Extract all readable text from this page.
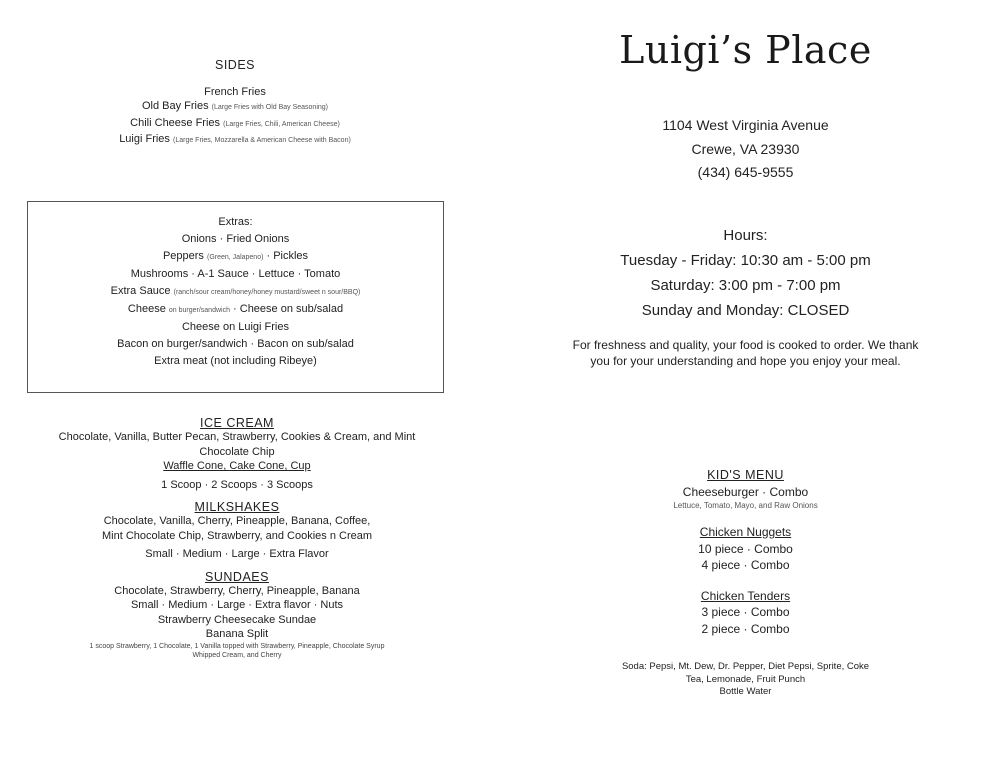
SIDES
French Fries
Old Bay Fries (Large Fries with Old Bay Seasoning)
Chili Cheese Fries (Large Fries, Chili, American Cheese)
Luigi Fries (Large Fries, Mozzarella & American Cheese with Bacon)
Extras:
Onions · Fried Onions
Peppers (Green, Jalapeno) · Pickles
Mushrooms · A-1 Sauce · Lettuce · Tomato
Extra Sauce (ranch/sour cream/honey/honey mustard/sweet n sour/BBQ)
Cheese on burger/sandwich · Cheese on sub/salad
Cheese on Luigi Fries
Bacon on burger/sandwich · Bacon on sub/salad
Extra meat (not including Ribeye)
ICE CREAM
Chocolate, Vanilla, Butter Pecan, Strawberry, Cookies & Cream, and Mint
Chocolate Chip
Waffle Cone, Cake Cone, Cup
1 Scoop · 2 Scoops · 3 Scoops
MILKSHAKES
Chocolate, Vanilla, Cherry, Pineapple, Banana, Coffee,
Mint Chocolate Chip, Strawberry, and Cookies n Cream
Small · Medium · Large · Extra Flavor
SUNDAES
Chocolate, Strawberry, Cherry, Pineapple, Banana
Small · Medium · Large · Extra flavor · Nuts
Strawberry Cheesecake Sundae
Banana Split
1 scoop Strawberry, 1 Chocolate, 1 Vanilla topped with Strawberry, Pineapple, Chocolate Syrup
Whipped Cream, and Cherry
Luigi’s Place
1104 West Virginia Avenue
Crewe, VA 23930
(434) 645-9555
Hours:
Tuesday - Friday: 10:30 am - 5:00 pm
Saturday: 3:00 pm - 7:00 pm
Sunday and Monday: CLOSED
For freshness and quality, your food is cooked to order. We thank
you for your understanding and hope you enjoy your meal.
KID'S MENU
Cheeseburger · Combo
Lettuce, Tomato, Mayo, and Raw Onions
Chicken Nuggets
10 piece · Combo
4 piece · Combo
Chicken Tenders
3 piece · Combo
2 piece · Combo
Soda: Pepsi, Mt. Dew, Dr. Pepper, Diet Pepsi, Sprite, Coke
Tea, Lemonade, Fruit Punch
Bottle Water
